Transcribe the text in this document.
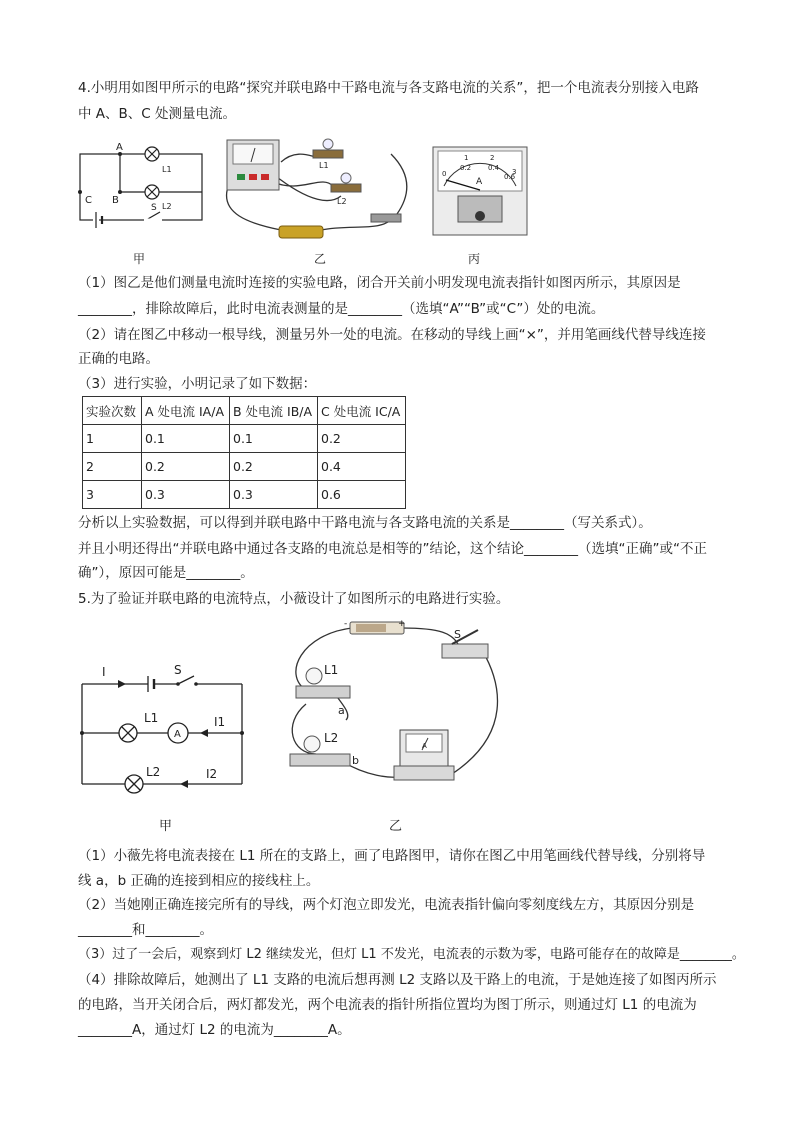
4.小明用如图甲所示的电路“探究并联电路中干路电流与各支路电流的关系”，把一个电流表分别接入电路
中 A、B、C 处测量电流。
A
B
C
L1
L2
S
甲
L1
L2
乙
0
1	2
3
0.2 0.4
0.6
A
丙
（1）图乙是他们测量电流时连接的实验电路，闭合开关前小明发现电流表指针如图丙所示，其原因是
________，排除故障后，此时电流表测量的是________（选填“A”“B”或“C”）处的电流。
（2）请在图乙中移动一根导线，测量另外一处的电流。在移动的导线上画“×”，并用笔画线代替导线连接
正确的电路。
（3）进行实验，小明记录了如下数据：
实验次数	A 处电流 IA/A	B 处电流 IB/A	C 处电流 IC/A
1	0.1	0.1	0.2
2	0.2	0.2	0.4
3	0.3	0.3	0.6
分析以上实验数据，可以得到并联电路中干路电流与各支路电流的关系是________（写关系式）。
并且小明还得出“并联电路中通过各支路的电流总是相等的”结论，这个结论________（选填“正确”或“不正
确”），原因可能是________。
5.为了验证并联电路的电流特点，小薇设计了如图所示的电路进行实验。
I	S
L1
A
I1
L2	I2
甲
-	+
S
L1
a
L2
b
A
乙
（1）小薇先将电流表接在 L1 所在的支路上，画了电路图甲，请你在图乙中用笔画线代替导线，分别将导
线 a，b 正确的连接到相应的接线柱上。
（2）当她刚正确连接完所有的导线，两个灯泡立即发光，电流表指针偏向零刻度线左方，其原因分别是
________和________。
（3）过了一会后，观察到灯 L2 继续发光，但灯 L1 不发光，电流表的示数为零，电路可能存在的故障是________。
（4）排除故障后，她测出了 L1 支路的电流后想再测 L2 支路以及干路上的电流，于是她连接了如图丙所示
的电路，当开关闭合后，两灯都发光，两个电流表的指针所指位置均为图丁所示，则通过灯 L1 的电流为
________A，通过灯 L2 的电流为________A。
